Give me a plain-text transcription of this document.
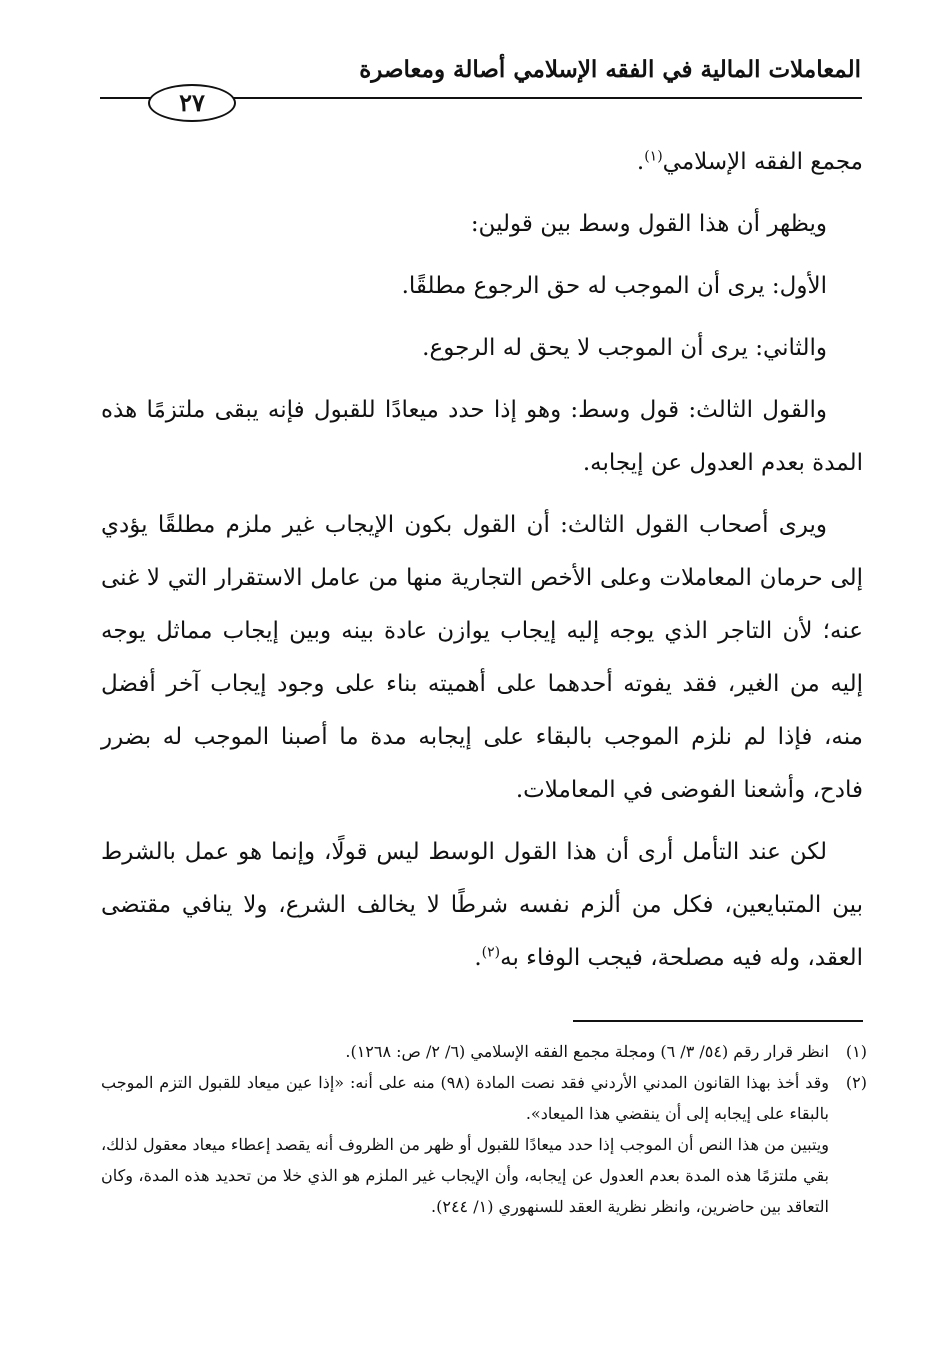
المعاملات المالية في الفقه الإسلامي أصالة ومعاصرة
٢٧

مجمع الفقه الإسلامي$^{(١)}$.

ويظهر أن هذا القول وسط بين قولين:

الأول: يرى أن الموجب له حق الرجوع مطلقًا.

والثاني: يرى أن الموجب لا يحق له الرجوع.

والقول الثالث: قول وسط: وهو إذا حدد ميعادًا للقبول فإنه يبقى ملتزمًا هذه المدة بعدم العدول عن إيجابه.

ويرى أصحاب القول الثالث: أن القول بكون الإيجاب غير ملزم مطلقًا يؤدي إلى حرمان المعاملات وعلى الأخص التجارية منها من عامل الاستقرار التي لا غنى عنه؛ لأن التاجر الذي يوجه إليه إيجاب يوازن عادة بينه وبين إيجاب مماثل يوجه إليه من الغير، فقد يفوته أحدهما على أهميته بناء على وجود إيجاب آخر أفضل منه، فإذا لم نلزم الموجب بالبقاء على إيجابه مدة ما أصبنا الموجب له بضرر فادح، وأشعنا الفوضى في المعاملات.

لكن عند التأمل أرى أن هذا القول الوسط ليس قولًا، وإنما هو عمل بالشرط بين المتبايعين، فكل من ألزم نفسه شرطًا لا يخالف الشرع، ولا ينافي مقتضى العقد، وله فيه مصلحة، فيجب الوفاء به$^{(٢)}$.

(١)
انظر قرار رقم (٥٤/ ٣/ ٦) ومجلة مجمع الفقه الإسلامي (٦/ ٢/ ص: ١٢٦٨).

(٢)
وقد أخذ بهذا القانون المدني الأردني فقد نصت المادة (٩٨) منه على أنه: «إذا عين ميعاد للقبول التزم الموجب بالبقاء على إيجابه إلى أن ينقضي هذا الميعاد».

ويتبين من هذا النص أن الموجب إذا حدد ميعادًا للقبول أو ظهر من الظروف أنه يقصد إعطاء ميعاد معقول لذلك، بقي ملتزمًا هذه المدة بعدم العدول عن إيجابه، وأن الإيجاب غير الملزم هو الذي خلا من تحديد هذه المدة، وكان التعاقد بين حاضرين، وانظر نظرية العقد للسنهوري (١/ ٢٤٤).
